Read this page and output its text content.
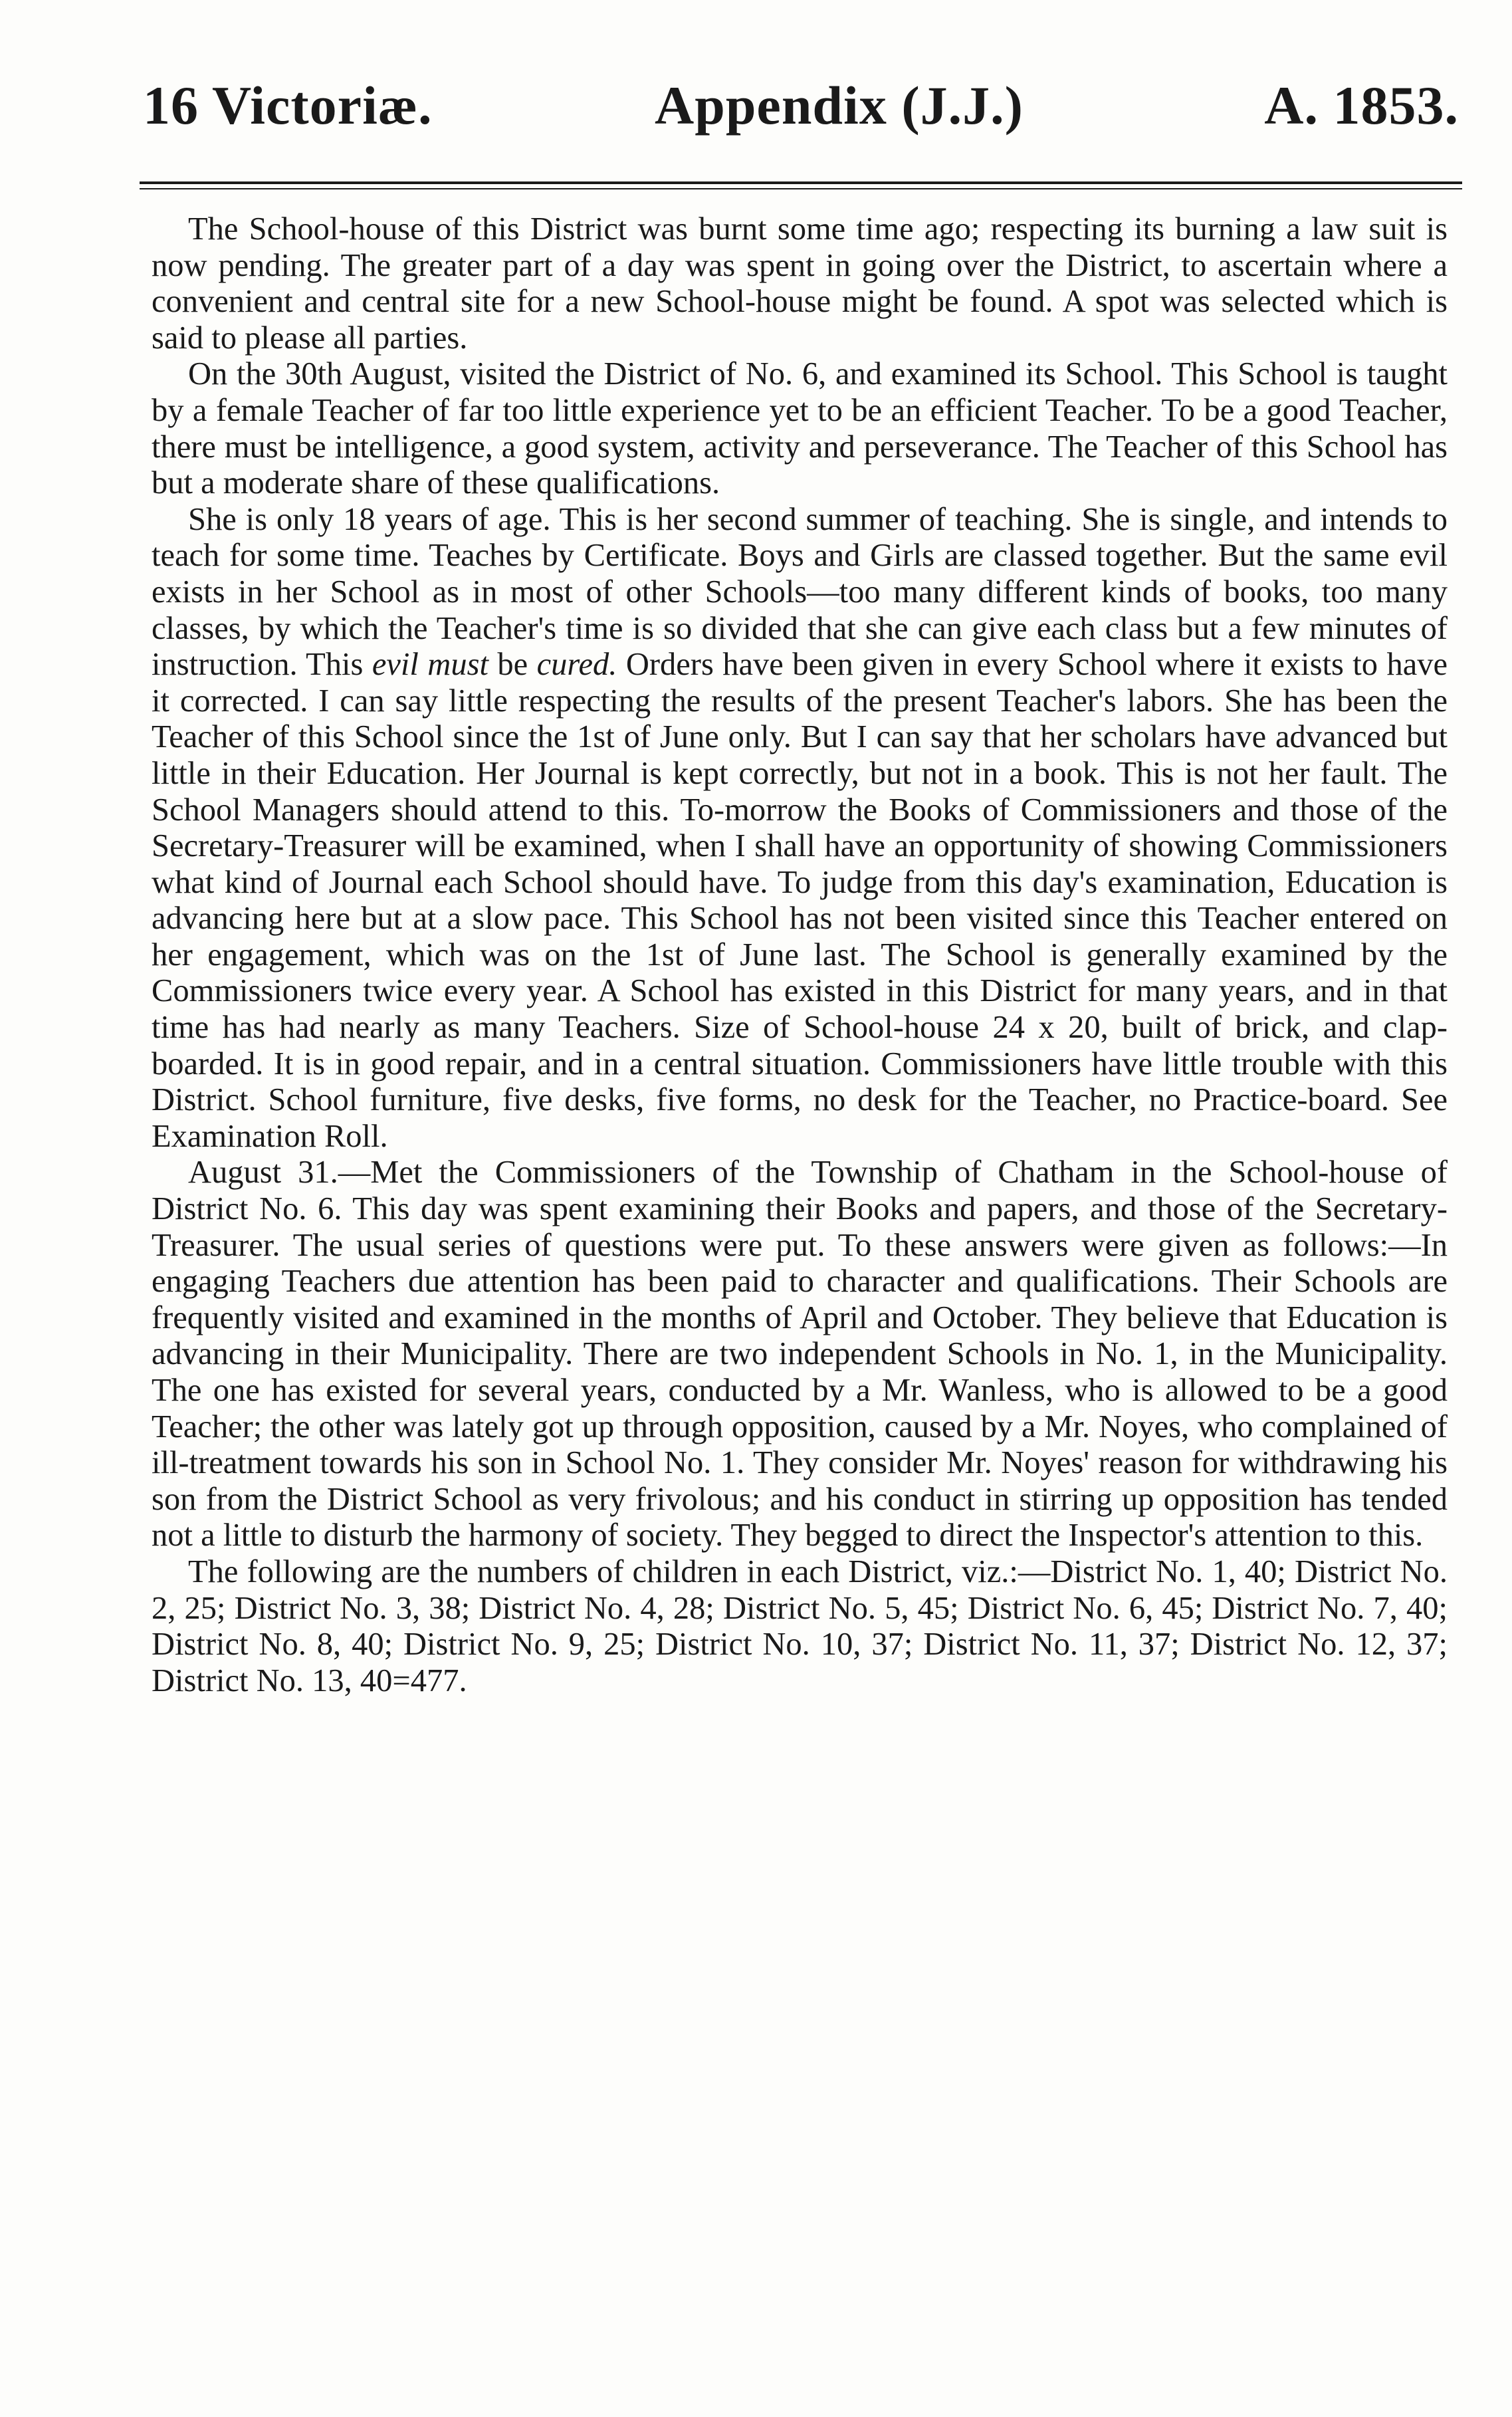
16 Victoriæ.	Appendix (J.J.)	A. 1853.

The School-house of this District was burnt some time ago; respecting its burning a law suit is now pending. The greater part of a day was spent in going over the District, to ascertain where a convenient and central site for a new School-house might be found. A spot was selected which is said to please all parties.

On the 30th August, visited the District of No. 6, and examined its School. This School is taught by a female Teacher of far too little experience yet to be an efficient Teacher. To be a good Teacher, there must be intelligence, a good system, activity and perseverance. The Teacher of this School has but a moderate share of these qualifications.

She is only 18 years of age. This is her second summer of teaching. She is single, and intends to teach for some time. Teaches by Certificate. Boys and Girls are classed together. But the same evil exists in her School as in most of other Schools—too many different kinds of books, too many classes, by which the Teacher's time is so divided that she can give each class but a few minutes of instruction. This evil must be cured. Orders have been given in every School where it exists to have it corrected. I can say little respecting the results of the present Teacher's labors. She has been the Teacher of this School since the 1st of June only. But I can say that her scholars have advanced but little in their Education. Her Journal is kept correctly, but not in a book. This is not her fault. The School Managers should attend to this. To-morrow the Books of Commissioners and those of the Secretary-Treasurer will be examined, when I shall have an opportunity of showing Commissioners what kind of Journal each School should have. To judge from this day's examination, Education is advancing here but at a slow pace. This School has not been visited since this Teacher entered on her engagement, which was on the 1st of June last. The School is generally examined by the Commissioners twice every year. A School has existed in this District for many years, and in that time has had nearly as many Teachers. Size of School-house 24 x 20, built of brick, and clap-boarded. It is in good repair, and in a central situation. Commissioners have little trouble with this District. School furniture, five desks, five forms, no desk for the Teacher, no Practice-board. See Examination Roll.

August 31.—Met the Commissioners of the Township of Chatham in the School-house of District No. 6. This day was spent examining their Books and papers, and those of the Secretary-Treasurer. The usual series of questions were put. To these answers were given as follows:—In engaging Teachers due attention has been paid to character and qualifications. Their Schools are frequently visited and examined in the months of April and October. They believe that Education is advancing in their Municipality. There are two independent Schools in No. 1, in the Municipality. The one has existed for several years, conducted by a Mr. Wanless, who is allowed to be a good Teacher; the other was lately got up through opposition, caused by a Mr. Noyes, who complained of ill-treatment towards his son in School No. 1. They consider Mr. Noyes' reason for withdrawing his son from the District School as very frivolous; and his conduct in stirring up opposition has tended not a little to disturb the harmony of society. They begged to direct the Inspector's attention to this.

The following are the numbers of children in each District, viz.:—District No. 1, 40; District No. 2, 25; District No. 3, 38; District No. 4, 28; District No. 5, 45; District No. 6, 45; District No. 7, 40; District No. 8, 40; District No. 9, 25; District No. 10, 37; District No. 11, 37; District No. 12, 37; District No. 13, 40=477.
